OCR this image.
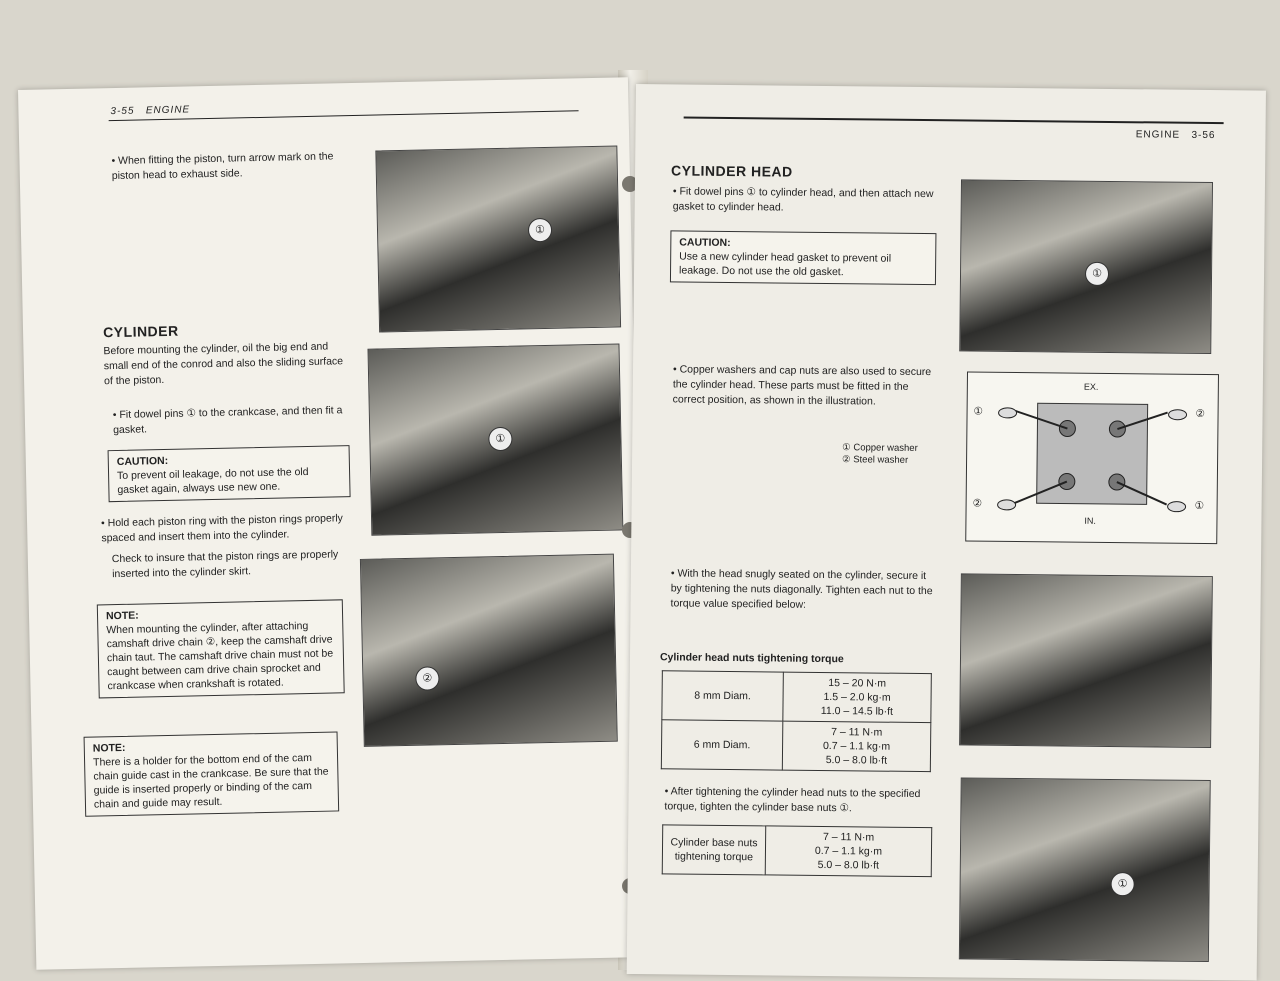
3-55 ENGINE
• When fitting the piston, turn arrow mark on the piston head to exhaust side.
①
CYLINDER
Before mounting the cylinder, oil the big end and small end of the conrod and also the sliding surface of the piston.
①
• Fit dowel pins ① to the crankcase, and then fit a gasket.
CAUTION:
To prevent oil leakage, do not use the old gasket again, always use new one.
• Hold each piston ring with the piston rings properly spaced and insert them into the cylinder.
Check to insure that the piston rings are properly inserted into the cylinder skirt.
②
NOTE:
When mounting the cylinder, after attaching camshaft drive chain ②, keep the camshaft drive chain taut. The camshaft drive chain must not be caught between cam drive chain sprocket and crankcase when crankshaft is rotated.
NOTE:
There is a holder for the bottom end of the cam chain guide cast in the crankcase. Be sure that the guide is inserted properly or binding of the cam chain and guide may result.
ENGINE 3-56
CYLINDER HEAD
• Fit dowel pins ① to cylinder head, and then attach new gasket to cylinder head.
CAUTION:
Use a new cylinder head gasket to prevent oil leakage. Do not use the old gasket.	①
• Copper washers and cap nuts are also used to secure the cylinder head. These parts must be fitted in the correct position, as shown in the illustration.
① Copper washer
② Steel washer
EX.
IN.
①	②
②	①
• With the head snugly seated on the cylinder, secure it by tightening the nuts diagonally. Tighten each nut to the torque value specified below:
Cylinder head nuts tightening torque
8 mm Diam.	15 – 20 N·m
1.5 – 2.0 kg·m
11.0 – 14.5 lb·ft

6 mm Diam.	7 – 11 N·m
0.7 – 1.1 kg·m
5.0 – 8.0 lb·ft
• After tightening the cylinder head nuts to the specified torque, tighten the cylinder base nuts ①.
Cylinder base nuts tightening torque	
7 – 11 N·m
0.7 – 1.1 kg·m
5.0 – 8.0 lb·ft
①
